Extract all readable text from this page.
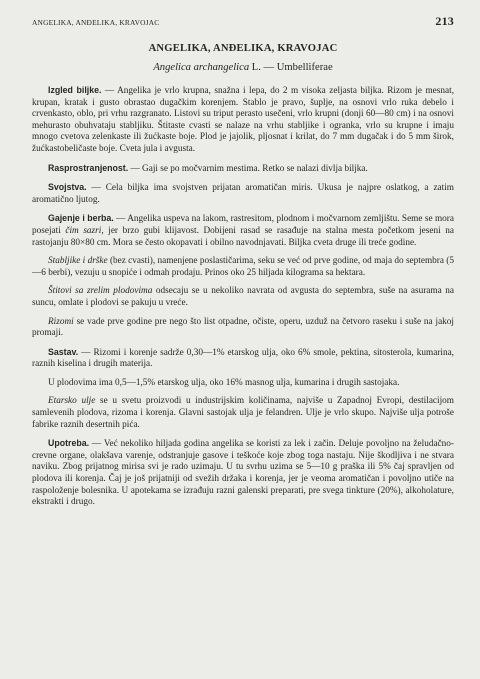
ANGELIKA, ANĐELIKA, KRAVOJAC	213
ANGELIKA, ANĐELIKA, KRAVOJAC
Angelica archangelica L. — Umbelliferae

Izgled biljke. — Angelika je vrlo krupna, snažna i lepa, do 2 m visoka zeljasta biljka. Rizom je mesnat, krupan, kratak i gusto obrastao dugačkim korenjem. Stablo je pravo, šuplje, na osnovi vrlo ruka debelo i crvenkasto, oblo, pri vrhu razgranato. Listovi su triput perasto usečeni, vrlo krupni (donji 60—80 cm) i na osnovi mehurasto obuhvataju stabljiku. Štitaste cvasti se nalaze na vrhu stabljike i ogranka, vrlo su krupne i imaju mnogo cvetova zelenkaste ili žućkaste boje. Plod je jajolik, pljosnat i krilat, do 7 mm dugačak i do 5 mm širok, žućkastobeličaste boje. Cveta jula i avgusta.

Rasprostranjenost. — Gaji se po močvarnim mestima. Retko se nalazi divlja biljka.

Svojstva. — Cela biljka ima svojstven prijatan aromatičan miris. Ukusa je najpre oslatkog, a zatim aromatično ljutog.

Gajenje i berba. — Angelika uspeva na lakom, rastresitom, plodnom i močvarnom zemljištu. Seme se mora posejati čim sazri, jer brzo gubi klijavost. Dobijeni rasad se rasađuje na stalna mesta početkom jeseni na rastojanju 80×80 cm. Mora se često okopavati i obilno navodnjavati. Biljka cveta druge ili treće godine.

Stabljike i drške (bez cvasti), namenjene poslastičarima, seku se već od prve godine, od maja do septembra (5—6 berbi), vezuju u snopiće i odmah prodaju. Prinos oko 25 hiljada kilograma sa hektara.

Štitovi sa zrelim plodovima odsecaju se u nekoliko navrata od avgusta do septembra, suše na asurama na suncu, omlate i plodovi se pakuju u vreće.

Rizomi se vade prve godine pre nego što list otpadne, očiste, operu, uzduž na četvoro raseku i suše na jakoj promaji.

Sastav. — Rizomi i korenje sadrže 0,30—1% etarskog ulja, oko 6% smole, pektina, sitosterola, kumarina, raznih kiselina i drugih materija.

U plodovima ima 0,5—1,5% etarskog ulja, oko 16% masnog ulja, kumarina i drugih sastojaka.

Etarsko ulje se u svetu proizvodi u industrijskim količinama, najviše u Zapadnoj Evropi, destilacijom samlevenih plodova, rizoma i korenja. Glavni sastojak ulja je felandren. Ulje je vrlo skupo. Najviše ulja potroše fabrike raznih desertnih pića.

Upotreba. — Već nekoliko hiljada godina angelika se koristi za lek i začin. Deluje povoljno na želudačno-crevne organe, olakšava varenje, odstranjuje gasove i teškoće koje zbog toga nastaju. Nije škodljiva i ne stvara naviku. Zbog prijatnog mirisa svi je rado uzimaju. U tu svrhu uzima se 5—10 g praška ili 5% čaj spravljen od plodova ili korenja. Čaj je još prijatniji od svežih držaka i korenja, jer je veoma aromatičan i povoljno utiče na raspoloženje bolesnika. U apotekama se izrađuju razni galenski preparati, pre svega tinkture (20%), alkoholature, ekstrakti i drugo.
